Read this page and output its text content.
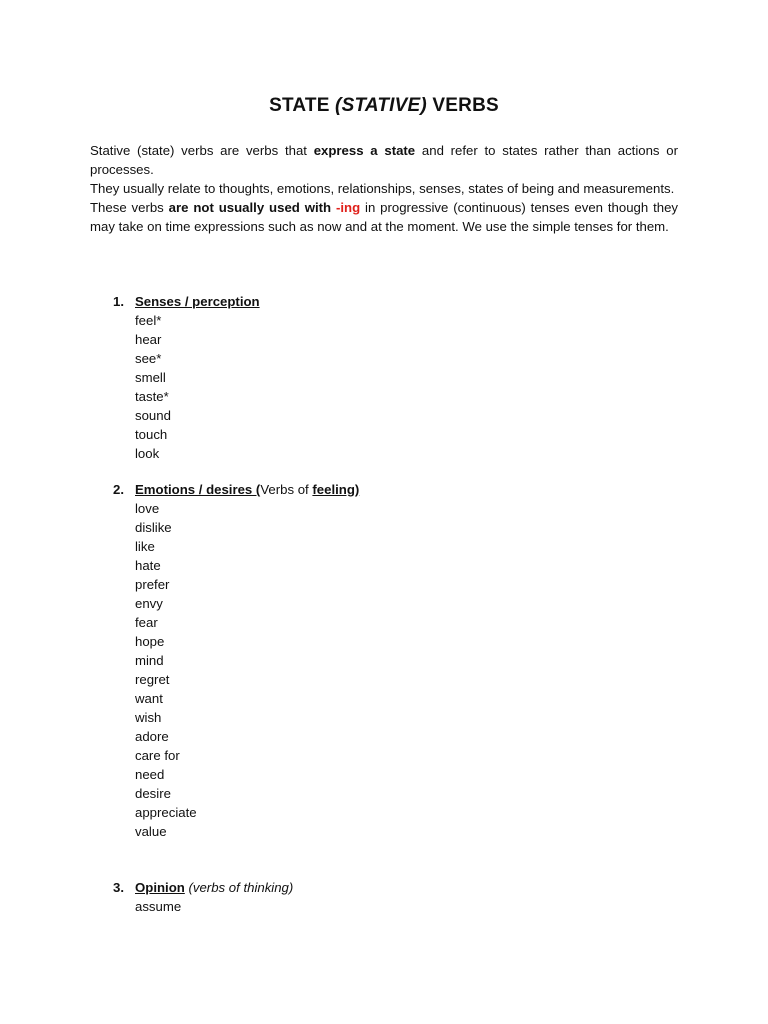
STATE (STATIVE) VERBS

Stative (state) verbs are verbs that express a state and refer to states rather than actions or processes.

They usually relate to thoughts, emotions, relationships, senses, states of being and measurements.

These verbs are not usually used with -ing in progressive (continuous) tenses even though they may take on time expressions such as now and at the moment. We use the simple tenses for them.

1. Senses / perception
feel*
hear
see*
smell
taste*
sound
touch
look
2. Emotions / desires (Verbs of feeling)
love
dislike
like
hate
prefer
envy
fear
hope
mind
regret
want
wish
adore
care for
need
desire
appreciate
value
3. Opinion (verbs of thinking)
assume
